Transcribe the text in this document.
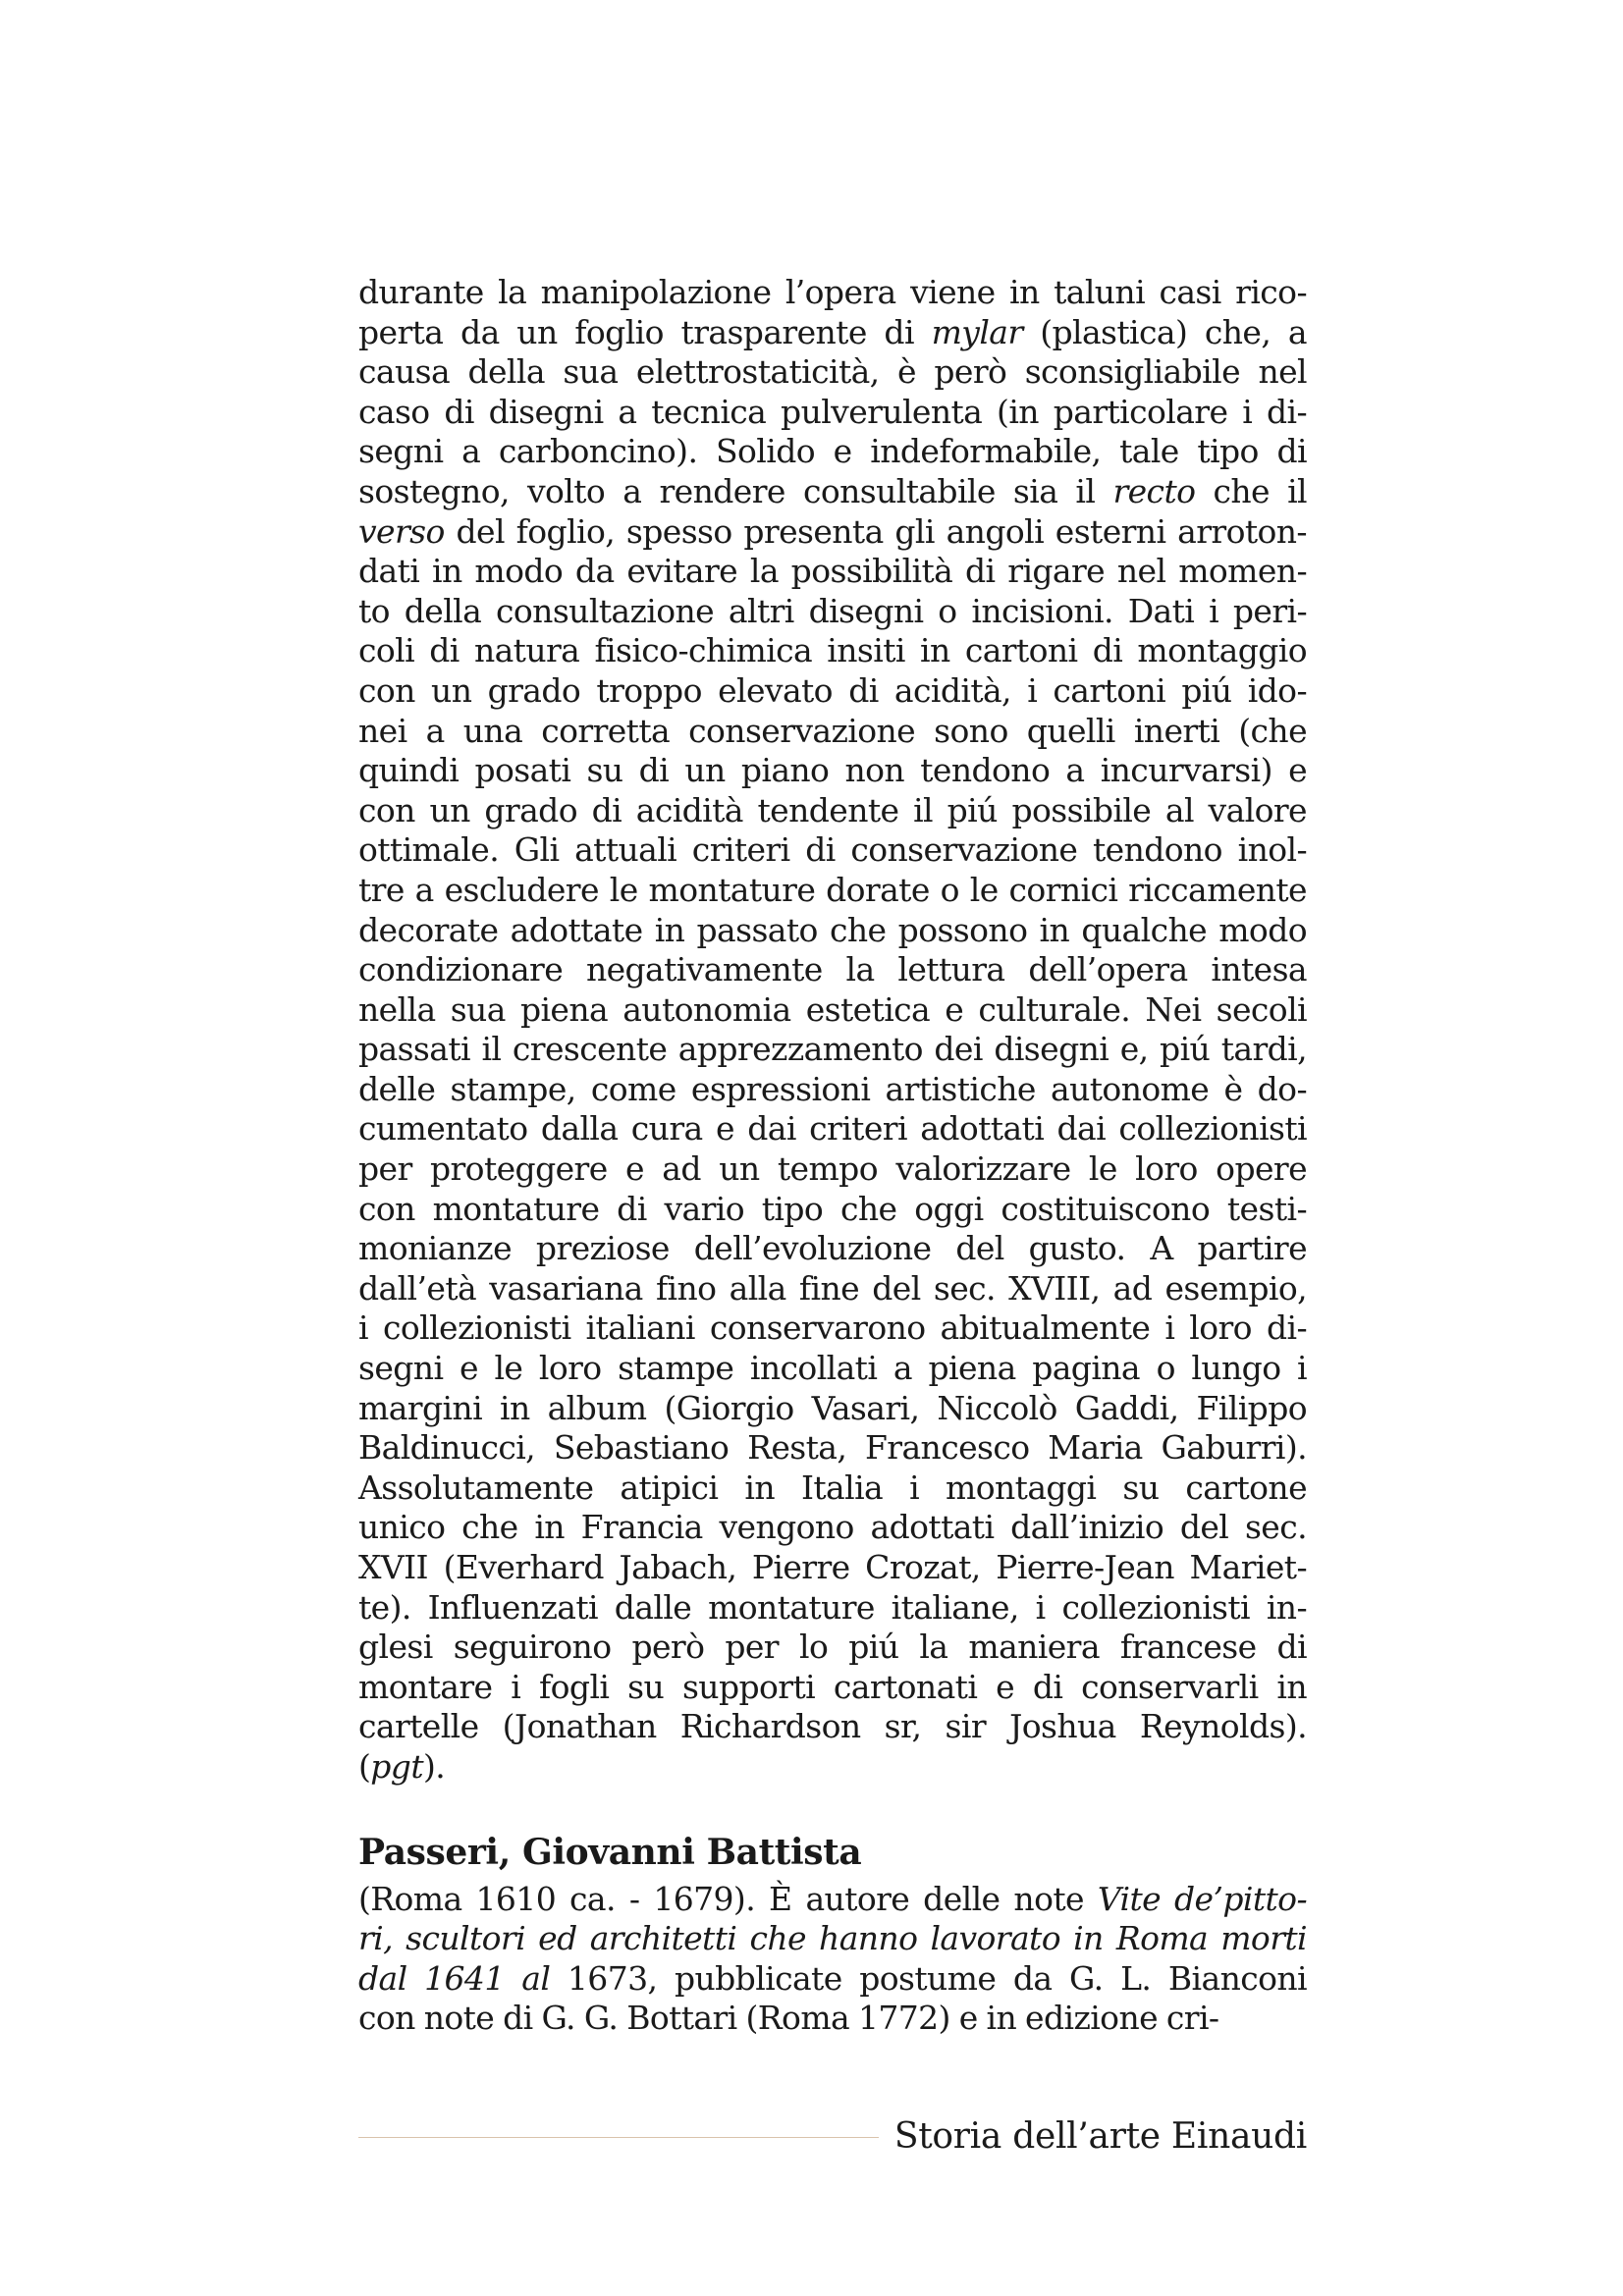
durante la manipolazione l’opera viene in taluni casi rico-
perta da un foglio trasparente di mylar (plastica) che, a
causa della sua elettrostaticità, è però sconsigliabile nel
caso di disegni a tecnica pulverulenta (in particolare i di-
segni a carboncino). Solido e indeformabile, tale tipo di
sostegno, volto a rendere consultabile sia il recto che il
verso del foglio, spesso presenta gli angoli esterni arroton-
dati in modo da evitare la possibilità di rigare nel momen-
to della consultazione altri disegni o incisioni. Dati i peri-
coli di natura fisico-chimica insiti in cartoni di montaggio
con un grado troppo elevato di acidità, i cartoni piú ido-
nei a una corretta conservazione sono quelli inerti (che
quindi posati su di un piano non tendono a incurvarsi) e
con un grado di acidità tendente il piú possibile al valore
ottimale. Gli attuali criteri di conservazione tendono inol-
tre a escludere le montature dorate o le cornici riccamente
decorate adottate in passato che possono in qualche modo
condizionare negativamente la lettura dell’opera intesa
nella sua piena autonomia estetica e culturale. Nei secoli
passati il crescente apprezzamento dei disegni e, piú tardi,
delle stampe, come espressioni artistiche autonome è do-
cumentato dalla cura e dai criteri adottati dai collezionisti
per proteggere e ad un tempo valorizzare le loro opere
con montature di vario tipo che oggi costituiscono testi-
monianze preziose dell’evoluzione del gusto. A partire
dall’età vasariana fino alla fine del sec. XVIII, ad esempio,
i collezionisti italiani conservarono abitualmente i loro di-
segni e le loro stampe incollati a piena pagina o lungo i
margini in album (Giorgio Vasari, Niccolò Gaddi, Filippo
Baldinucci, Sebastiano Resta, Francesco Maria Gaburri).
Assolutamente atipici in Italia i montaggi su cartone
unico che in Francia vengono adottati dall’inizio del sec.
XVII (Everhard Jabach, Pierre Crozat, Pierre-Jean Mariet-
te). Influenzati dalle montature italiane, i collezionisti in-
glesi seguirono però per lo piú la maniera francese di
montare i fogli su supporti cartonati e di conservarli in
cartelle (Jonathan Richardson sr, sir Joshua Reynolds).
(pgt).
Passeri, Giovanni Battista
(Roma 1610 ca. - 1679). È autore delle note Vite de’pitto-
ri, scultori ed architetti che hanno lavorato in Roma morti
dal 1641 al 1673, pubblicate postume da G. L. Bianconi
con note di G. G. Bottari (Roma 1772) e in edizione cri-
Storia dell’arte Einaudi
